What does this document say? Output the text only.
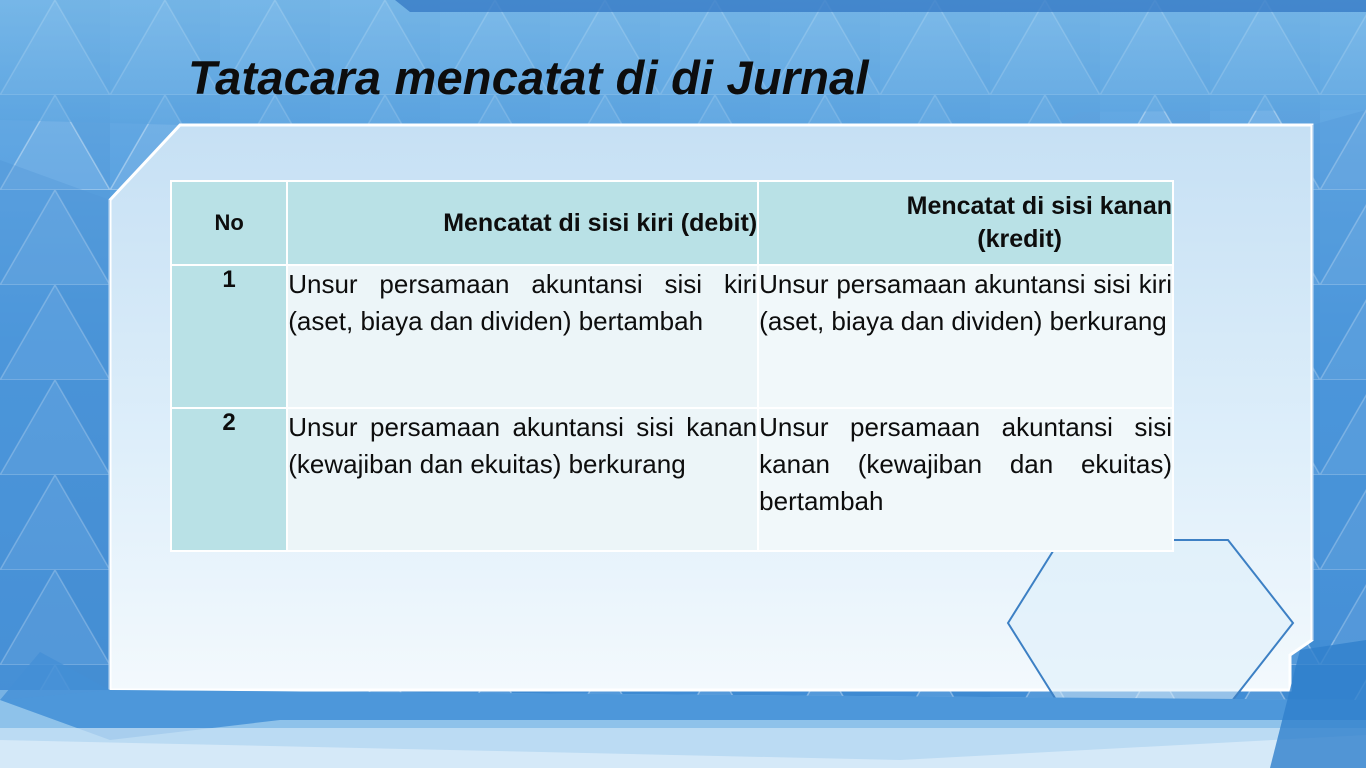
Tatacara mencatat di di Jurnal
No	Mencatat di sisi kiri (debit)	Mencatat di sisi kanan
(kredit)

1	Unsur persamaan akuntansi sisi kiri (aset, biaya dan dividen) bertambah	Unsur persamaan akuntansi sisi kiri (aset, biaya dan dividen) berkurang
2	Unsur persamaan akuntansi sisi kanan (kewajiban dan ekuitas) berkurang	Unsur persamaan akuntansi sisi kanan (kewajiban dan ekuitas) bertambah
